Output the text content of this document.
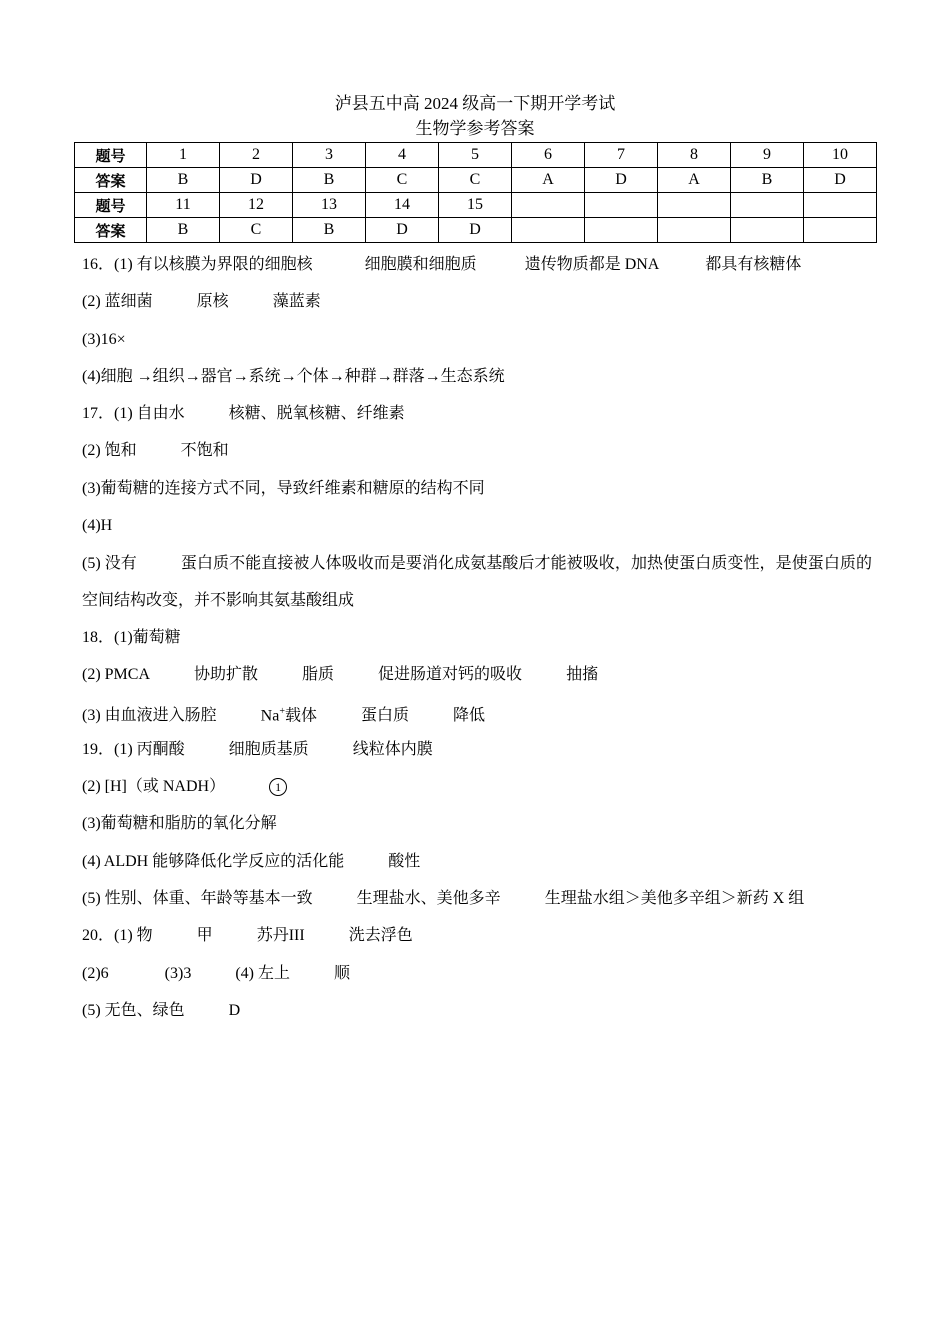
泸县五中高 2024 级高一下期开学考试
生物学参考答案
题号	1	2	3	4	5	6	7	8	9	10
答案	B	D	B	C	C	A	D	A	B	D
题号	11	12	13	14	15					
答案	B	C	B	D	D					
16．(1) 有以核膜为界限的细胞核	细胞膜和细胞质	遗传物质都是 DNA	都具有核糖体
(2) 蓝细菌	原核	藻蓝素
(3)16×
(4)细胞 →组织→器官→系统→个体→种群→群落→生态系统
17．(1) 自由水	核糖、脱氧核糖、纤维素
(2) 饱和	不饱和
(3)葡萄糖的连接方式不同，导致纤维素和糖原的结构不同
(4)H
(5) 没有	蛋白质不能直接被人体吸收而是要消化成氨基酸后才能被吸收，加热使蛋白质变性，是使蛋白质的空间结构改变，并不影响其氨基酸组成
18．(1)葡萄糖
(2) PMCA	协助扩散	脂质	促进肠道对钙的吸收	抽搐
(3) 由血液进入肠腔	Na+载体	蛋白质	降低
19．(1) 丙酮酸	细胞质基质	线粒体内膜
(2) [H]（或 NADH）	1
(3)葡萄糖和脂肪的氧化分解
(4) ALDH 能够降低化学反应的活化能	酸性
(5) 性别、体重、年龄等基本一致	生理盐水、美他多辛	生理盐水组＞美他多辛组＞新药 X 组
20．(1) 物	甲	苏丹III	洗去浮色
(2)6	(3)3	(4) 左上	顺
(5) 无色、绿色	D
